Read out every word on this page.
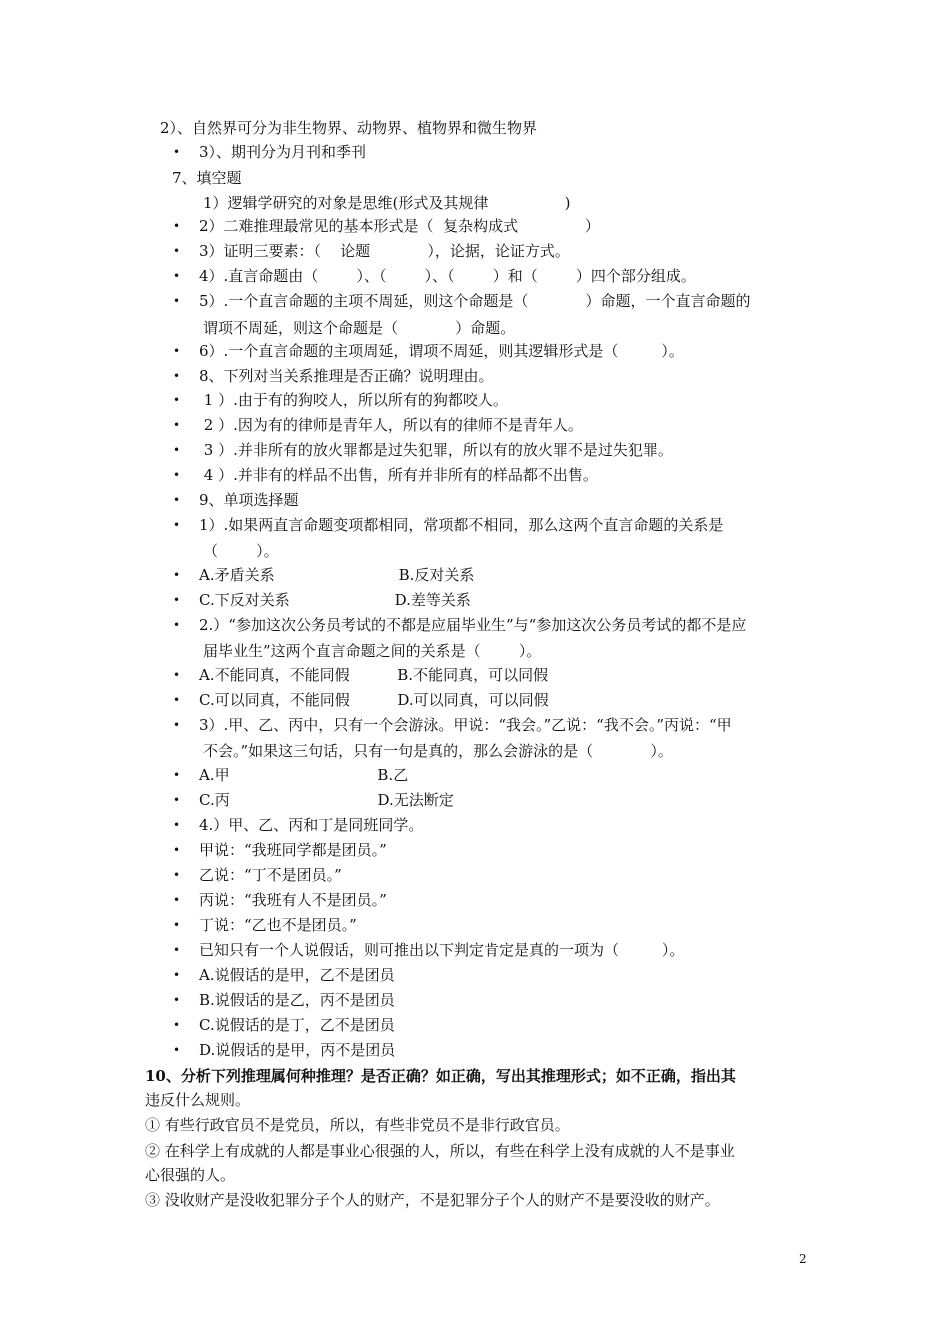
2）、自然界可分为非生物界、动物界、植物界和微生物界
• 3）、期刊分为月刊和季刊
7、填空题
1）逻辑学研究的对象是思维(形式及其规律                )
• 2）二难推理最常见的基本形式是（  复杂构成式              ）
• 3）证明三要素：（    论题            ），论据，论证方式。
• 4）.直言命题由（        ）、（        ）、（        ）和（        ）四个部分组成。
• 5）.一个直言命题的主项不周延，则这个命题是（            ）命题，一个直言命题的
谓项不周延，则这个命题是（            ）命题。
• 6）.一个直言命题的主项周延，谓项不周延，则其逻辑形式是（         ）。
• 8、下列对当关系推理是否正确？说明理由。
• 1 ）.由于有的狗咬人，所以所有的狗都咬人。
• 2 ）.因为有的律师是青年人，所以有的律师不是青年人。
• 3 ）.并非所有的放火罪都是过失犯罪，所以有的放火罪不是过失犯罪。
• 4 ）.并非有的样品不出售，所有并非所有的样品都不出售。
• 9、单项选择题
• 1）.如果两直言命题变项都相同，常项都不相同，那么这两个直言命题的关系是
（        ）。
• A.矛盾关系                          B.反对关系
• C.下反对关系                      D.差等关系
• 2.）“参加这次公务员考试的不都是应届毕业生”与“参加这次公务员考试的都不是应
届毕业生”这两个直言命题之间的关系是（        ）。
• A.不能同真，不能同假          B.不能同真，可以同假
• C.可以同真，不能同假          D.可以同真，可以同假
• 3）.甲、乙、丙中，只有一个会游泳。甲说：“我会。”乙说：“我不会。”丙说：“甲
不会。”如果这三句话，只有一句是真的，那么会游泳的是（            ）。
• A.甲                               B.乙
• C.丙                               D.无法断定
• 4.）甲、乙、丙和丁是同班同学。
• 甲说：“我班同学都是团员。”
• 乙说：“丁不是团员。”
• 丙说：“我班有人不是团员。”
• 丁说：“乙也不是团员。”
• 已知只有一个人说假话，则可推出以下判定肯定是真的一项为（         ）。
• A.说假话的是甲，乙不是团员
• B.说假话的是乙，丙不是团员
• C.说假话的是丁，乙不是团员
• D.说假话的是甲，丙不是团员
10、分析下列推理属何种推理？是否正确？如正确，写出其推理形式；如不正确，指出其
违反什么规则。
① 有些行政官员不是党员，所以，有些非党员不是非行政官员。
② 在科学上有成就的人都是事业心很强的人，所以，有些在科学上没有成就的人不是事业
心很强的人。
③ 没收财产是没收犯罪分子个人的财产，不是犯罪分子个人的财产不是要没收的财产。
2
